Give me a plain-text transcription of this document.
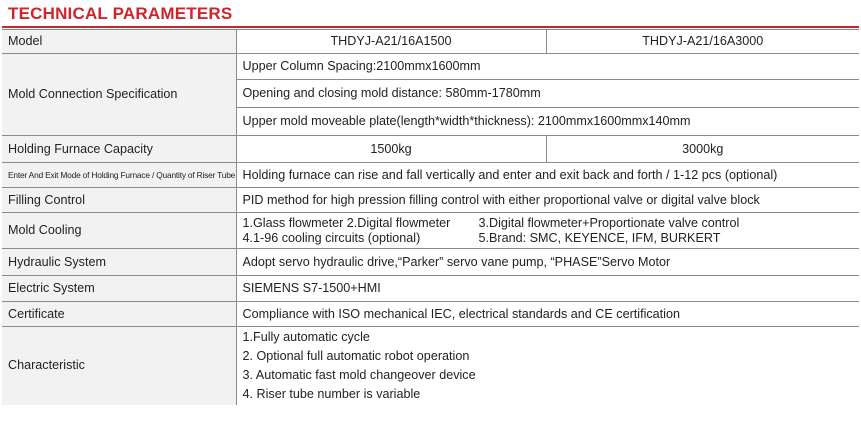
TECHNICAL PARAMETERS
Model	THDYJ-A21/16A1500	THDYJ-A21/16A3000
Mold Connection Specification	Upper Column Spacing:2100mmx1600mm	
	Opening and closing mold distance: 580mm-1780mm	
	Upper mold moveable plate(length*width*thickness): 2100mmx1600mmx140mm	
Holding Furnace Capacity	1500kg	3000kg
Enter And Exit Mode of Holding Furnace / Quantity of Riser Tube	Holding furnace can rise and fall vertically and enter and exit back and forth / 1-12 pcs (optional)	
Filling Control	PID method for high pression filling control with either proportional valve or digital valve block	
Mold Cooling	1.Glass flowmeter 2.Digital flowmeter 3.Digital flowmeter+Proportionate valve control
4.1-96 cooling circuits (optional) 5.Brand: SMC, KEYENCE, IFM, BURKERT	

Hydraulic System	Adopt servo hydraulic drive,“Parker” servo vane pump, “PHASE”Servo Motor	
Electric System	SIEMENS S7-1500+HMI	
Certificate	Compliance with ISO mechanical IEC, electrical standards and CE certification	
Characteristic	1.Fully automatic cycle
2. Optional full automatic robot operation
3. Automatic fast mold changeover device
4. Riser tube number is variable	
